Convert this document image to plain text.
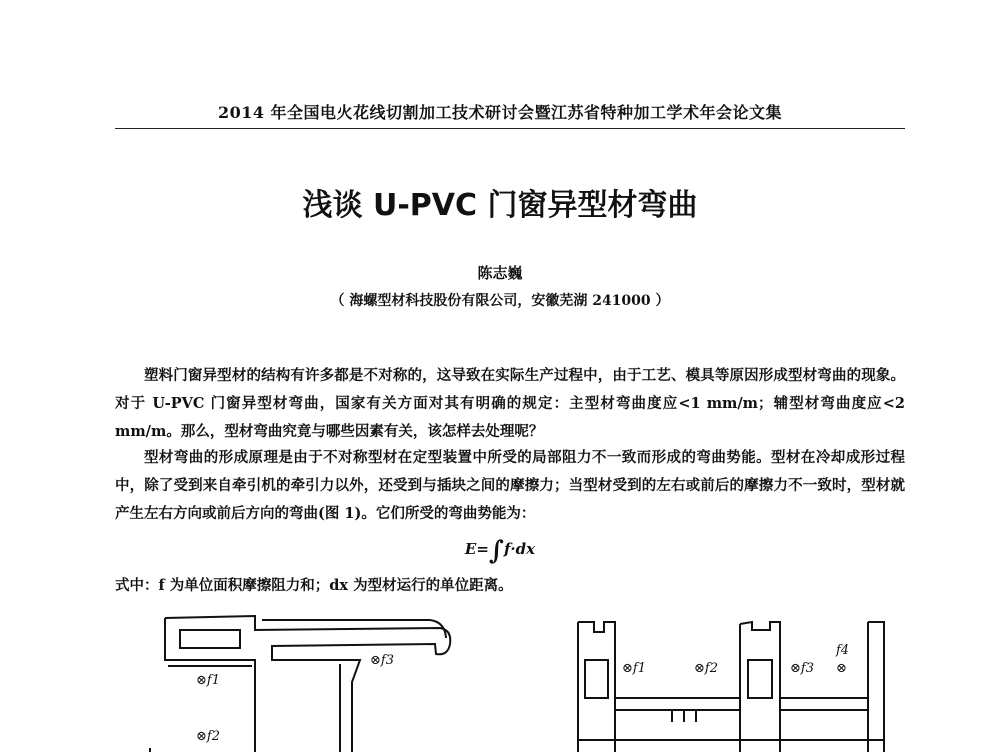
2014 年全国电火花线切割加工技术研讨会暨江苏省特种加工学术年会论文集
浅谈 U-PVC 门窗异型材弯曲
陈志巍
（ 海螺型材科技股份有限公司，安徽芜湖 241000 ）
塑料门窗异型材的结构有许多都是不对称的，这导致在实际生产过程中，由于工艺、模具等原因形成型材弯曲的现象。对于 U-PVC 门窗异型材弯曲，国家有关方面对其有明确的规定：主型材弯曲度应<1 mm/m；辅型材弯曲度应<2 mm/m。那么，型材弯曲究竟与哪些因素有关，该怎样去处理呢？
型材弯曲的形成原理是由于不对称型材在定型装置中所受的局部阻力不一致而形成的弯曲势能。型材在冷却成形过程中，除了受到来自牵引机的牵引力以外，还受到与插块之间的摩擦力；当型材受到的左右或前后的摩擦力不一致时，型材就产生左右方向或前后方向的弯曲(图 1)。它们所受的弯曲势能为：
E=∫f·dx
式中：f 为单位面积摩擦阻力和；dx 为型材运行的单位距离。
⊗f1
⊗f2
⊗f3
⊗f1	⊗f2	⊗f3
f4
⊗
